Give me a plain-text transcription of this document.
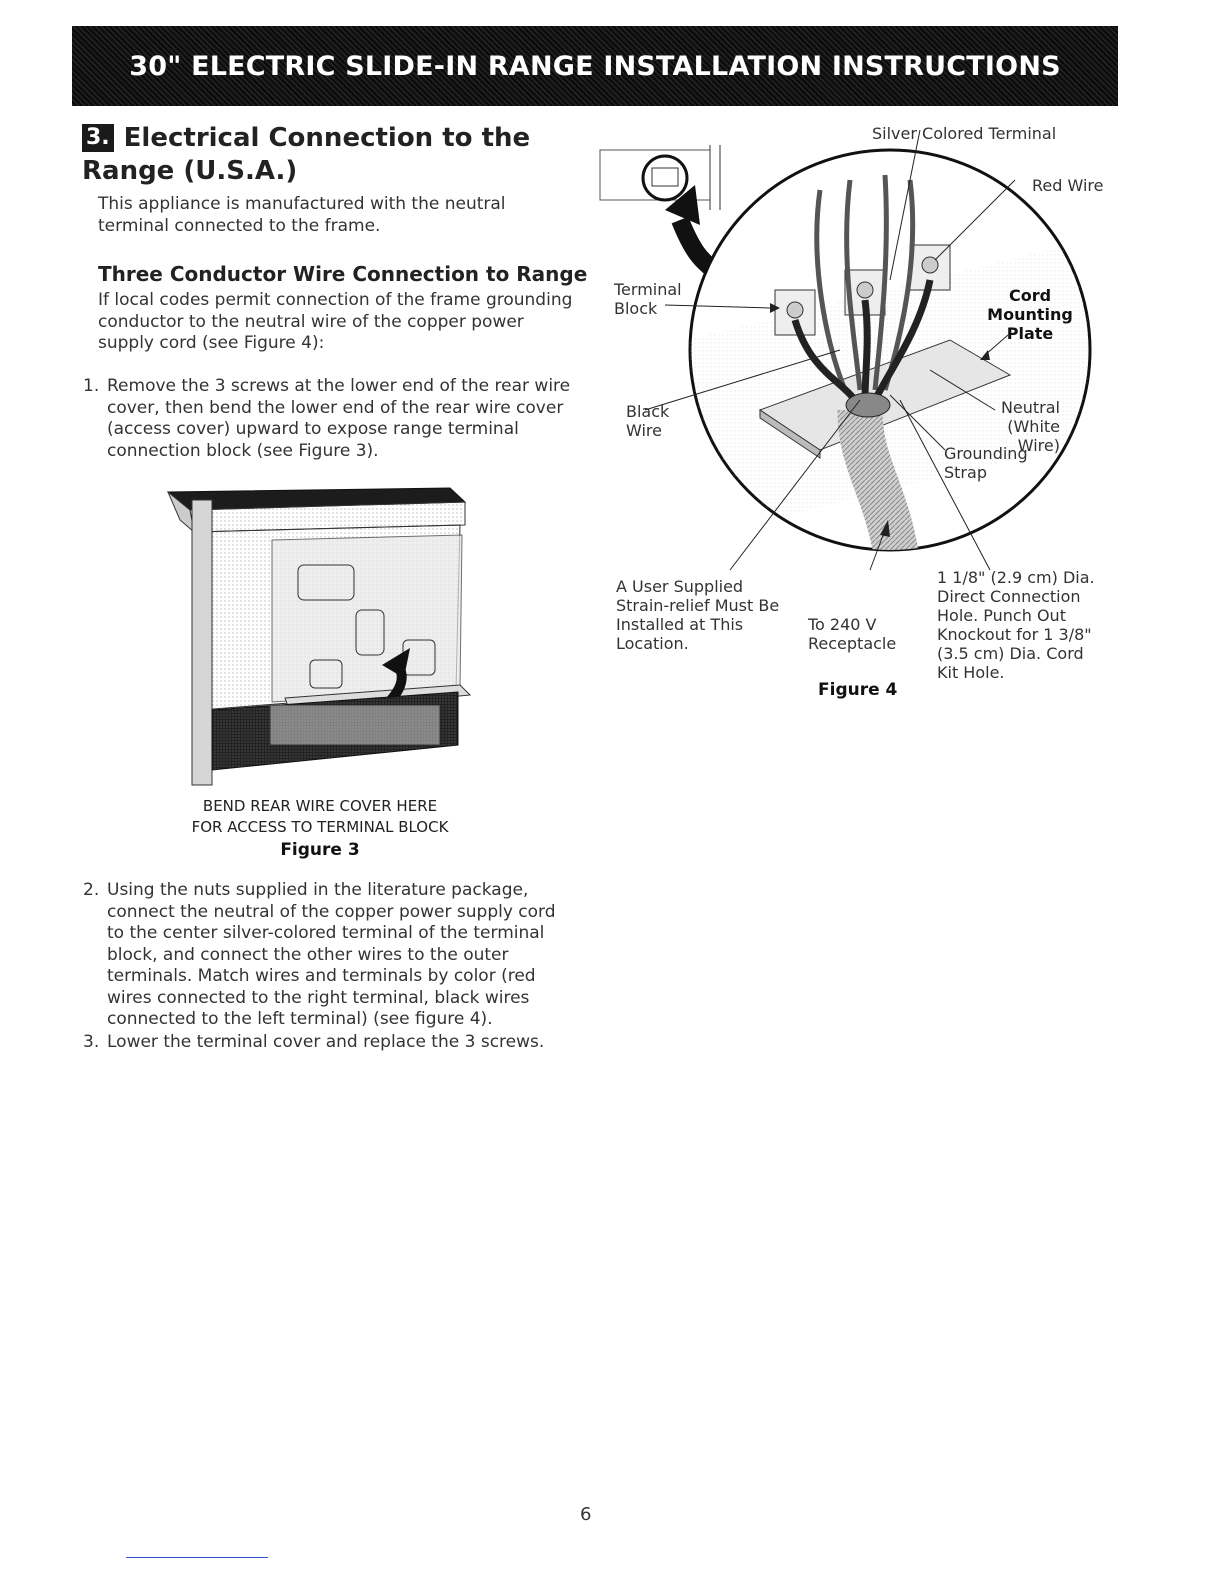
30" ELECTRIC SLIDE-IN RANGE INSTALLATION INSTRUCTIONS
3. Electrical Connection to the
Range (U.S.A.)
This appliance is manufactured with the neutral terminal connected to the frame.
Three Conductor Wire Connection to Range
If local codes permit connection of the frame grounding conductor to the neutral wire of the copper power supply cord (see Figure 4):
1. Remove the 3 screws at the lower end of the rear wire cover, then bend the lower end of the rear wire cover (access cover) upward to expose range terminal connection block (see Figure 3).
BEND REAR WIRE COVER HERE
FOR ACCESS TO TERMINAL BLOCK
Figure 3
2. Using the nuts supplied in the literature package, connect the neutral of the copper power supply cord to the center silver-colored terminal of the terminal block, and connect the other wires to the outer terminals. Match wires and terminals by color (red wires connected to the right terminal, black wires connected to the left terminal) (see figure 4).
3. Lower the terminal cover and replace the 3 screws.
Silver Colored Terminal
Red Wire
Terminal
Block
Cord
Mounting
Plate
Black
Wire
Neutral
(White Wire)
Grounding
Strap
A User Supplied
Strain-relief Must Be
Installed at This
Location.
To 240 V
Receptacle
1 1/8" (2.9 cm) Dia.
Direct Connection
Hole. Punch Out
Knockout for 1 3/8"
(3.5 cm) Dia. Cord
Kit Hole.
Figure 4
6
